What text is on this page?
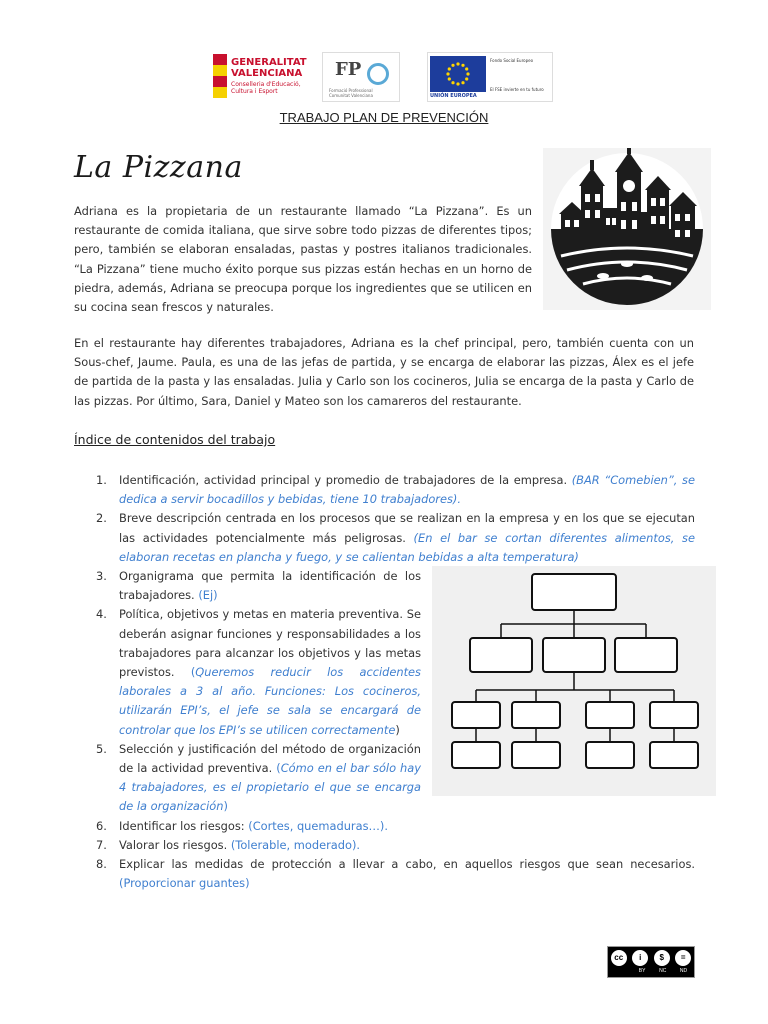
GENERALITAT
VALENCIANA
Conselleria d'Educació, Cultura i Esport
FP
Formació Professional Comunitat Valenciana	UNIÓN EUROPEA
Fondo Social Europeo
El FSE invierte en tu futuro
TRABAJO PLAN DE PREVENCIÓN
La Pizzana
Adriana es la propietaria de un restaurante llamado “La Pizzana”. Es un restaurante de comida italiana, que sirve sobre todo pizzas de diferentes tipos; pero, también se elaboran ensaladas, pastas y postres italianos tradicionales. “La Pizzana” tiene mucho éxito porque sus pizzas están hechas en un horno de piedra, además, Adriana se preocupa porque los ingredientes que se utilicen en su cocina sean frescos y naturales.
En el restaurante hay diferentes trabajadores, Adriana es la chef principal, pero, también cuenta con un Sous-chef, Jaume. Paula, es una de las jefas de partida, y se encarga de elaborar las pizzas, Álex es el jefe de partida de la pasta y las ensaladas. Julia y Carlo son los cocineros, Julia se encarga de la pasta y Carlo de las pizzas. Por último, Sara, Daniel y Mateo son los camareros del restaurante.
Índice de contenidos del trabajo
1. Identificación, actividad principal y promedio de trabajadores de la empresa. (BAR “Comebien”, se dedica a servir bocadillos y bebidas, tiene 10 trabajadores).
2. Breve descripción centrada en los procesos que se realizan en la empresa y en los que se ejecutan las actividades potencialmente más peligrosas. (En el bar se cortan diferentes alimentos, se elaboran recetas en plancha y fuego, y se calientan bebidas a alta temperatura)
3. Organigrama que permita la identificación de los trabajadores. (Ej)
4. Política, objetivos y metas en materia preventiva. Se deberán asignar funciones y responsabilidades a los trabajadores para alcanzar los objetivos y las metas previstos. (Queremos reducir los accidentes laborales a 3 al año. Funciones: Los cocineros, utilizarán EPI’s, el jefe se sala se encargará de controlar que los EPI’s se utilicen correctamente)
5. Selección y justificación del método de organización de la actividad preventiva. (Cómo en el bar sólo hay 4 trabajadores, es el propietario el que se encarga de la organización)
6. Identificar los riesgos: (Cortes, quemaduras…).
7. Valorar los riesgos. (Tolerable, moderado).
8. Explicar las medidas de protección a llevar a cabo, en aquellos riesgos que sean necesarios. (Proporcionar guantes)
cc	i	$	=
BY	NC	ND
